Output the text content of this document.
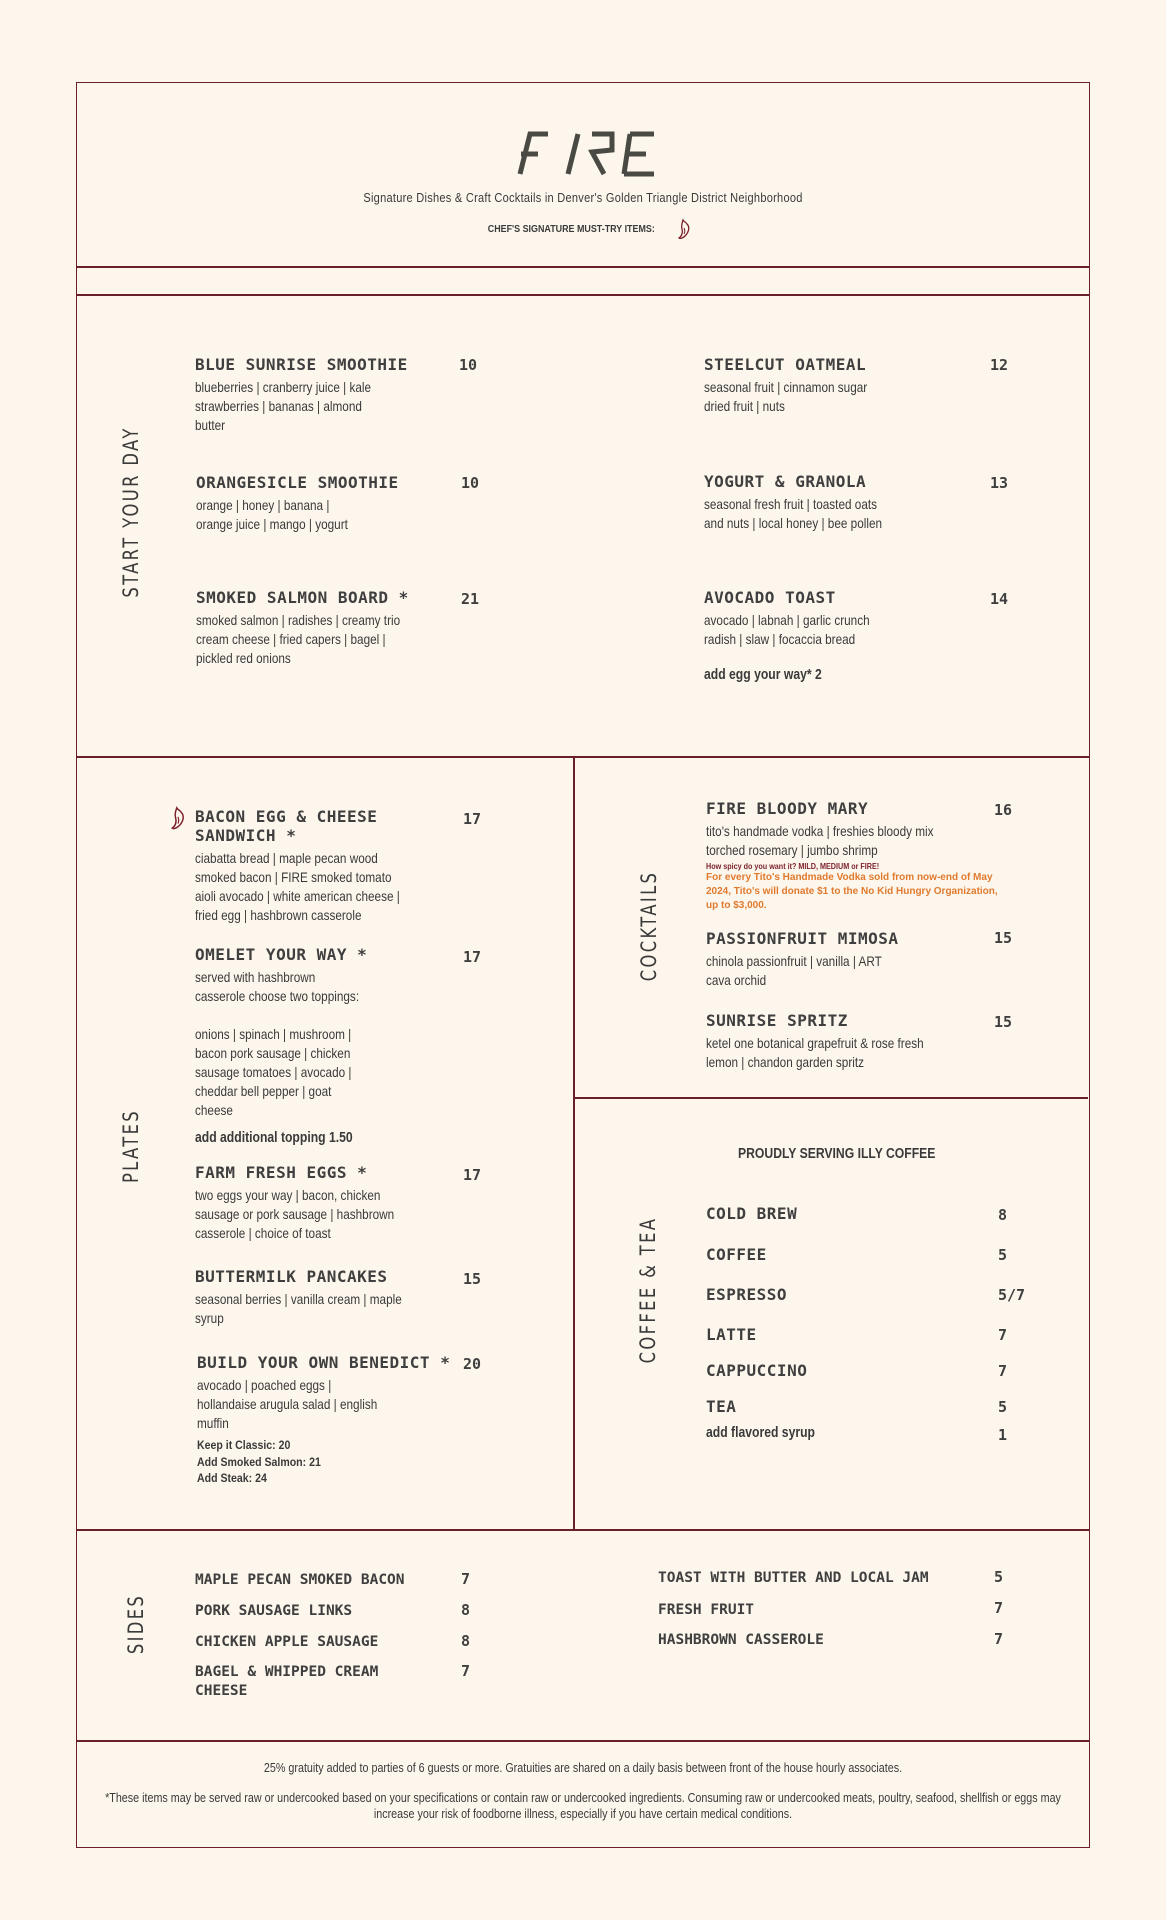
Signature Dishes & Craft Cocktails in Denver's Golden Triangle District Neighborhood
CHEF'S SIGNATURE MUST-TRY ITEMS:
START YOUR DAY
BLUE SUNRISE SMOOTHIE
blueberries | cranberry juice | kale strawberries | bananas | almond butter
10
ORANGESICLE SMOOTHIE
orange | honey | banana | orange juice | mango | yogurt
10
SMOKED SALMON BOARD *
smoked salmon | radishes | creamy trio cream cheese | fried capers | bagel | pickled red onions
21
STEELCUT OATMEAL
seasonal fruit | cinnamon sugar dried fruit | nuts
12
YOGURT & GRANOLA
seasonal fresh fruit | toasted oats and nuts | local honey | bee pollen
13
AVOCADO TOAST
avocado | labnah | garlic crunch radish | slaw | focaccia bread
14
add egg your way* 2
PLATES
BACON EGG & CHEESE SANDWICH *
ciabatta bread | maple pecan wood smoked bacon | FIRE smoked tomato aioli avocado | white american cheese | fried egg | hashbrown casserole
17
OMELET YOUR WAY *
served with hashbrown casserole choose two toppings:
onions | spinach | mushroom | bacon pork sausage | chicken sausage tomatoes | avocado | cheddar bell pepper | goat cheese
add additional topping 1.50
17
FARM FRESH EGGS *
two eggs your way | bacon, chicken sausage or pork sausage | hashbrown casserole | choice of toast
17
BUTTERMILK PANCAKES
seasonal berries | vanilla cream | maple syrup
15
BUILD YOUR OWN BENEDICT *
avocado | poached eggs | hollandaise arugula salad | english muffin
Keep it Classic: 20
Add Smoked Salmon: 21
Add Steak: 24
20
COCKTAILS
FIRE BLOODY MARY
tito's handmade vodka | freshies bloody mix torched rosemary | jumbo shrimp
How spicy do you want it? MILD, MEDIUM or FIRE!
For every Tito's Handmade Vodka sold from now-end of May 2024, Tito's will donate $1 to the No Kid Hungry Organization, up to $3,000.
16
PASSIONFRUIT MIMOSA
chinola passionfruit | vanilla | ART cava orchid
15
SUNRISE SPRITZ
ketel one botanical grapefruit & rose fresh lemon | chandon garden spritz
15
COFFEE & TEA
PROUDLY SERVING ILLY COFFEE
COLD BREW	8
COFFEE	5
ESPRESSO	5/7
LATTE	7
CAPPUCCINO	7
TEA	5
add flavored syrup	1
SIDES
MAPLE PECAN SMOKED BACON	7
PORK SAUSAGE LINKS	8
CHICKEN APPLE SAUSAGE	8
BAGEL & WHIPPED CREAM CHEESE
7
TOAST WITH BUTTER AND LOCAL JAM	5
FRESH FRUIT	7
HASHBROWN CASSEROLE	7
25% gratuity added to parties of 6 guests or more. Gratuities are shared on a daily basis between front of the house hourly associates.
*These items may be served raw or undercooked based on your specifications or contain raw or undercooked ingredients. Consuming raw or undercooked meats, poultry, seafood, shellfish or eggs may increase your risk of foodborne illness, especially if you have certain medical conditions.
